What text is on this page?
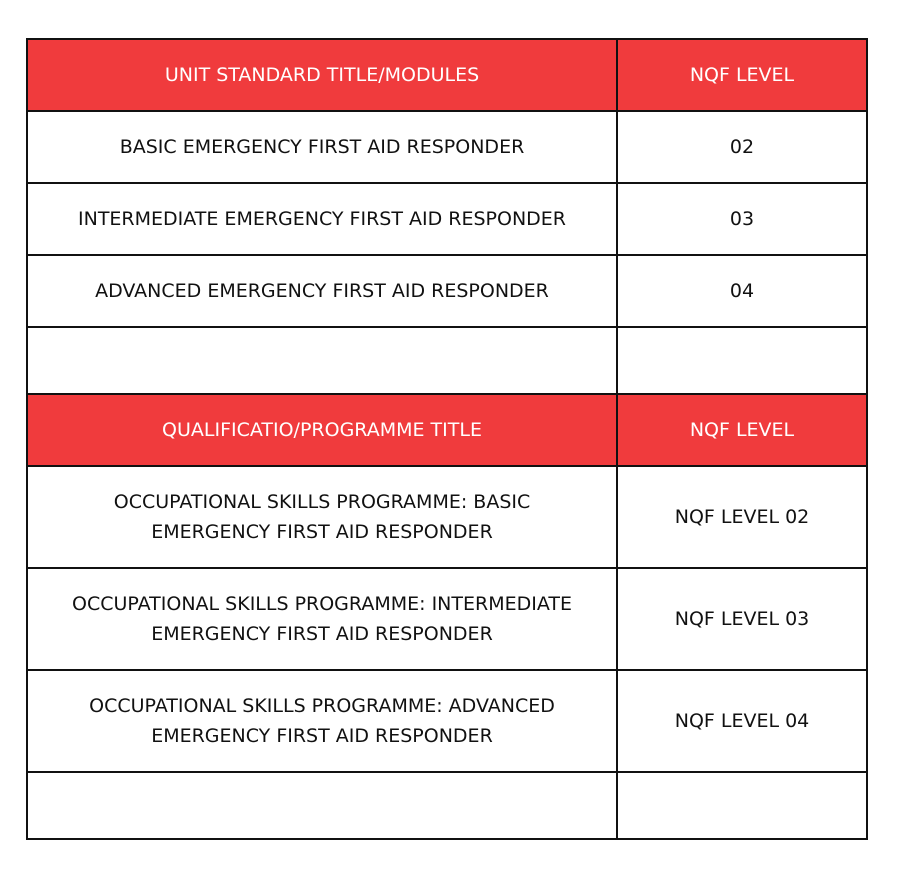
UNIT STANDARD TITLE/MODULES	NQF LEVEL
BASIC EMERGENCY FIRST AID RESPONDER	02
INTERMEDIATE EMERGENCY FIRST AID RESPONDER	03
ADVANCED EMERGENCY FIRST AID RESPONDER	04

QUALIFICATIO/PROGRAMME TITLE	NQF LEVEL

OCCUPATIONAL SKILLS PROGRAMME: BASIC
EMERGENCY FIRST AID RESPONDER	NQF LEVEL 02

OCCUPATIONAL SKILLS PROGRAMME: INTERMEDIATE
EMERGENCY FIRST AID RESPONDER	NQF LEVEL 03

OCCUPATIONAL SKILLS PROGRAMME: ADVANCED
EMERGENCY FIRST AID RESPONDER	NQF LEVEL 04
